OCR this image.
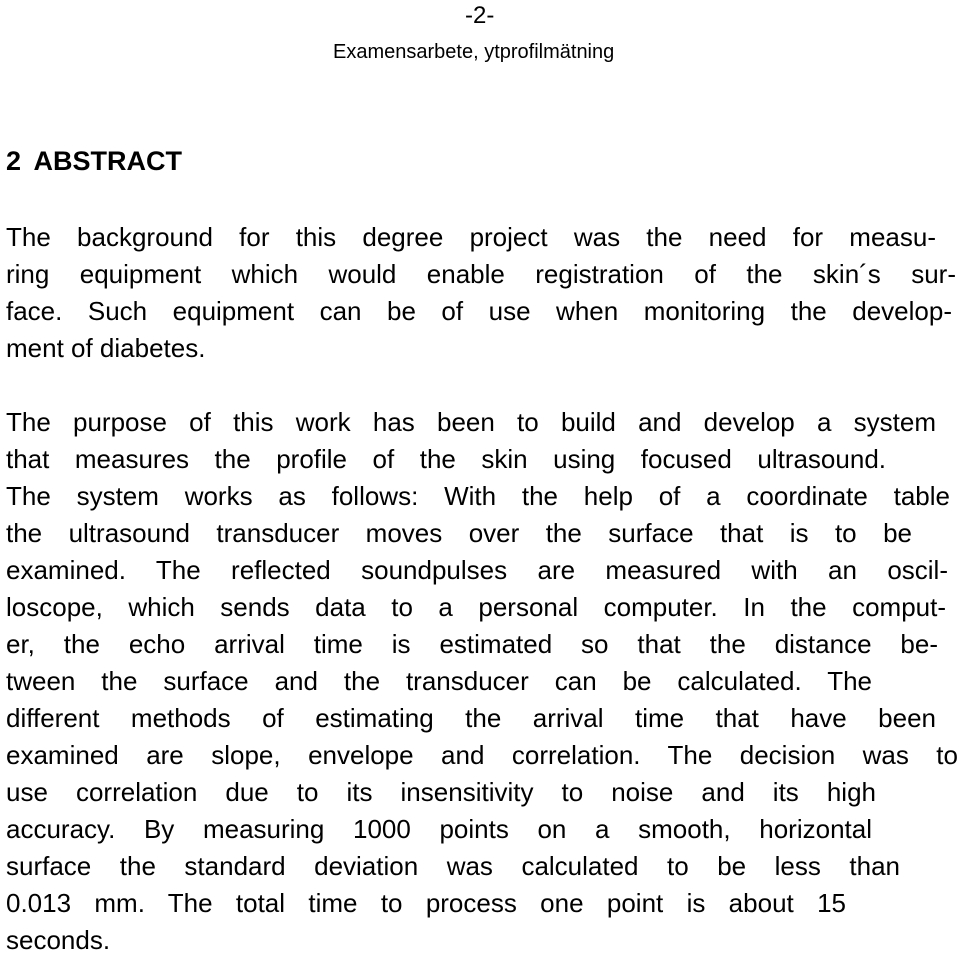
-2-
Examensarbete, ytprofilmätning
2 ABSTRACT
The background for this degree project was the need for measu-
ring equipment which would enable registration of the skin´s sur-
face. Such equipment can be of use when monitoring the develop-
ment of diabetes.
The purpose of this work has been to build and develop a system
that measures the profile of the skin using focused ultrasound.
The system works as follows: With the help of a coordinate table
the ultrasound transducer moves over the surface that is to be
examined. The reflected soundpulses are measured with an oscil-
loscope, which sends data to a personal computer. In the comput-
er, the echo arrival time is estimated so that the distance be-
tween the surface and the transducer can be calculated. The
different methods of estimating the arrival time that have been
examined are slope, envelope and correlation. The decision was to
use correlation due to its insensitivity to noise and its high
accuracy. By measuring 1000 points on a smooth, horizontal
surface the standard deviation was calculated to be less than
0.013 mm. The total time to process one point is about 15
seconds.
